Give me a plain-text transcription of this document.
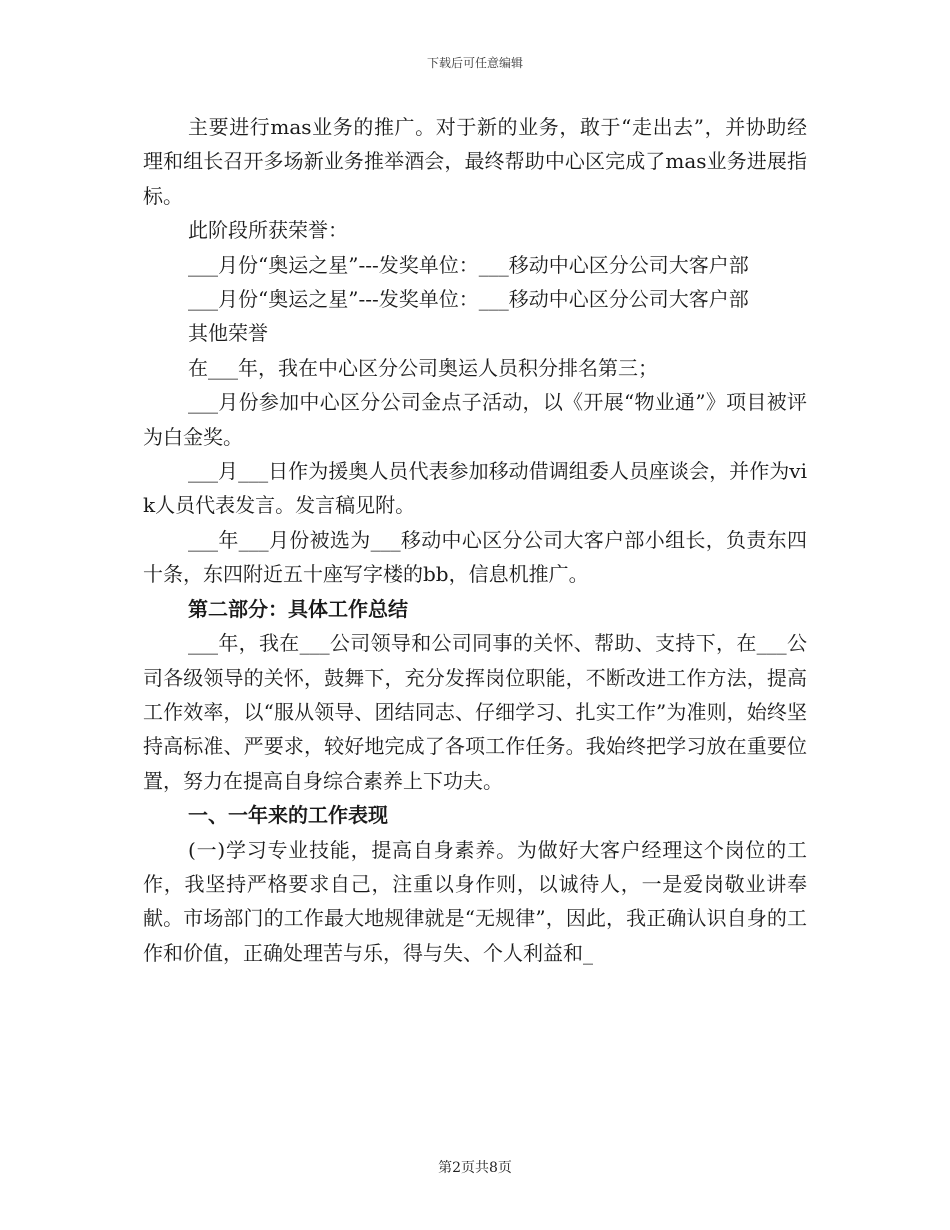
下载后可任意编辑

主要进行mas业务的推广。对于新的业务，敢于“走出去”，并协助经理和组长召开多场新业务推举酒会，最终帮助中心区完成了mas业务进展指标。

此阶段所获荣誉：

___月份“奥运之星”---发奖单位：___移动中心区分公司大客户部

___月份“奥运之星”---发奖单位：___移动中心区分公司大客户部

其他荣誉

在___年，我在中心区分公司奥运人员积分排名第三；

___月份参加中心区分公司金点子活动，以《开展“物业通”》项目被评为白金奖。

___月___日作为援奥人员代表参加移动借调组委人员座谈会，并作为vik人员代表发言。发言稿见附。

___年___月份被选为___移动中心区分公司大客户部小组长，负责东四十条，东四附近五十座写字楼的bb，信息机推广。

第二部分：具体工作总结

___年，我在___公司领导和公司同事的关怀、帮助、支持下，在___公司各级领导的关怀，鼓舞下，充分发挥岗位职能，不断改进工作方法，提高工作效率，以“服从领导、团结同志、仔细学习、扎实工作”为准则，始终坚持高标准、严要求，较好地完成了各项工作任务。我始终把学习放在重要位置，努力在提高自身综合素养上下功夫。

一、一年来的工作表现

(一)学习专业技能，提高自身素养。为做好大客户经理这个岗位的工作，我坚持严格要求自己，注重以身作则，以诚待人，一是爱岗敬业讲奉献。市场部门的工作最大地规律就是“无规律”，因此，我正确认识自身的工作和价值，正确处理苦与乐，得与失、个人利益和_

第2页共8页
